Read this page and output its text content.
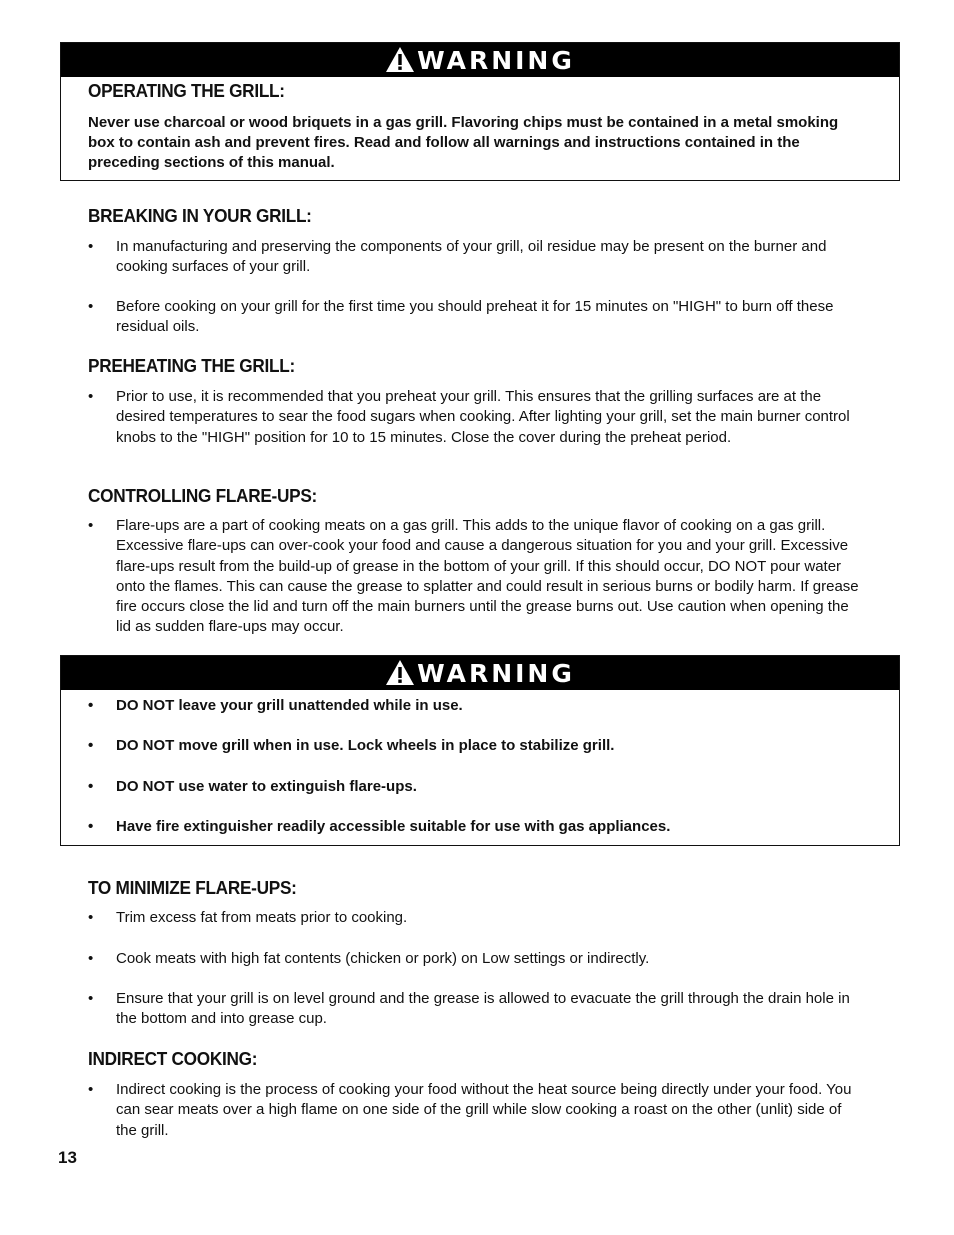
WARNING
OPERATING THE GRILL:

Never use charcoal or wood briquets in a gas grill. Flavoring chips must be contained in a metal smoking box to contain ash and prevent fires. Read and follow all warnings and instructions contained in the preceding sections of this manual.

BREAKING IN YOUR GRILL:
• In manufacturing and preserving the components of your grill, oil residue may be present on the burner and cooking surfaces of your grill.
• Before cooking on your grill for the first time you should preheat it for 15 minutes on "HIGH" to burn off these residual oils.
PREHEATING THE GRILL:
• Prior to use, it is recommended that you preheat your grill. This ensures that the grilling surfaces are at the desired temperatures to sear the food sugars when cooking. After lighting your grill, set the main burner control knobs to the "HIGH" position for 10 to 15 minutes. Close the cover during the preheat period.
CONTROLLING FLARE-UPS:
• Flare-ups are a part of cooking meats on a gas grill. This adds to the unique flavor of cooking on a gas grill. Excessive flare-ups can over-cook your food and cause a dangerous situation for you and your grill. Excessive flare-ups result from the build-up of grease in the bottom of your grill. If this should occur, DO NOT pour water onto the flames. This can cause the grease to splatter and could result in serious burns or bodily harm. If grease fire occurs close the lid and turn off the main burners until the grease burns out. Use caution when opening the lid as sudden flare-ups may occur.
WARNING
• DO NOT leave your grill unattended while in use.
• DO NOT move grill when in use. Lock wheels in place to stabilize grill.
• DO NOT use water to extinguish flare-ups.
• Have fire extinguisher readily accessible suitable for use with gas appliances.
TO MINIMIZE FLARE-UPS:
• Trim excess fat from meats prior to cooking.
• Cook meats with high fat contents (chicken or pork) on Low settings or indirectly.
• Ensure that your grill is on level ground and the grease is allowed to evacuate the grill through the drain hole in the bottom and into grease cup.
INDIRECT COOKING:
• Indirect cooking is the process of cooking your food without the heat source being directly under your food. You can sear meats over a high flame on one side of the grill while slow cooking a roast on the other (unlit) side of the grill.
13
